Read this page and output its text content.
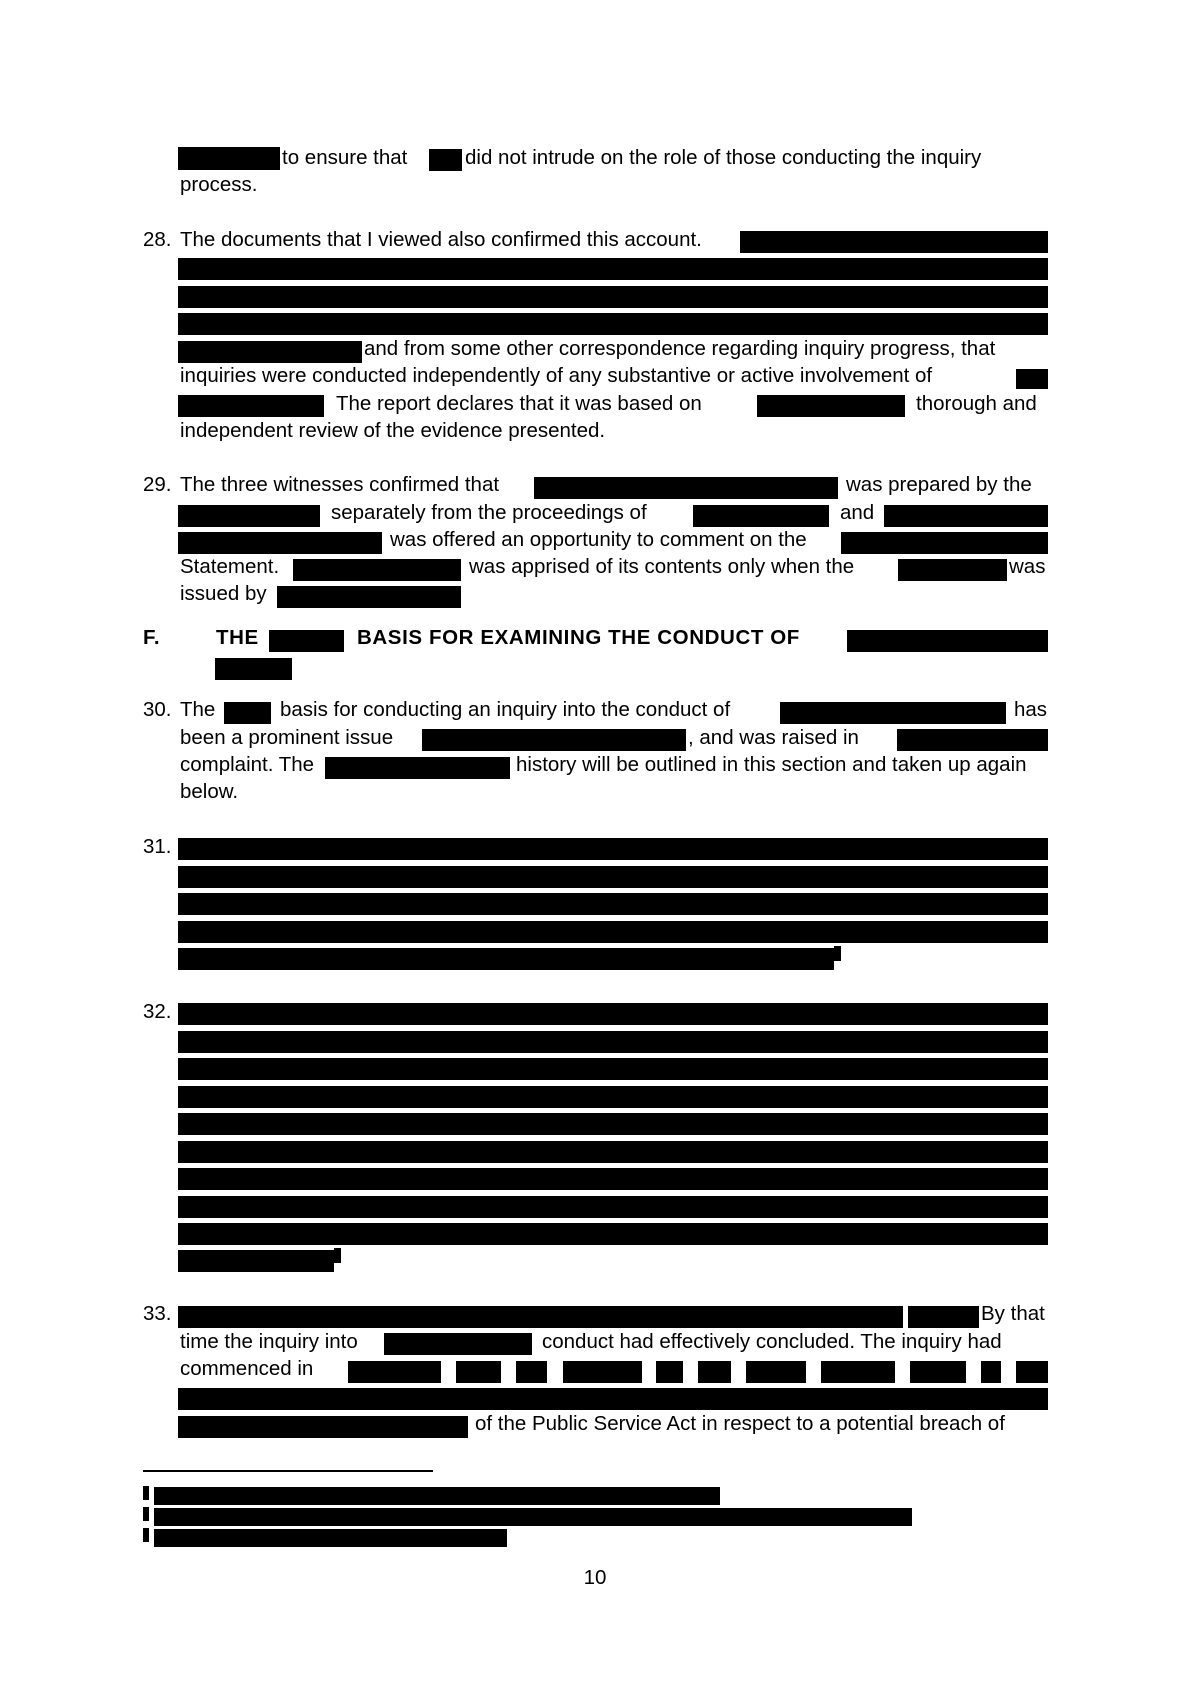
to ensure that	did not intrude on the role of those conducting the inquiry
process.
28. The documents that I viewed also confirmed this account.
and from some other correspondence regarding inquiry progress, that
inquiries were conducted independently of any substantive or active involvement of
The report declares that it was based on	thorough and
independent review of the evidence presented.
29. The three witnesses confirmed that	was prepared by the
separately from the proceedings of	and
was offered an opportunity to comment on the
Statement.	was apprised of its contents only when the	was
issued by
F.	THE	BASIS FOR EXAMINING THE CONDUCT OF
30. The	basis for conducting an inquiry into the conduct of	has
been a prominent issue	, and was raised in
complaint. The	history will be outlined in this section and taken up again
below.
31.
32.
33.	By that
time the inquiry into	conduct had effectively concluded. The inquiry had
commenced in
of the Public Service Act in respect to a potential breach of
10
